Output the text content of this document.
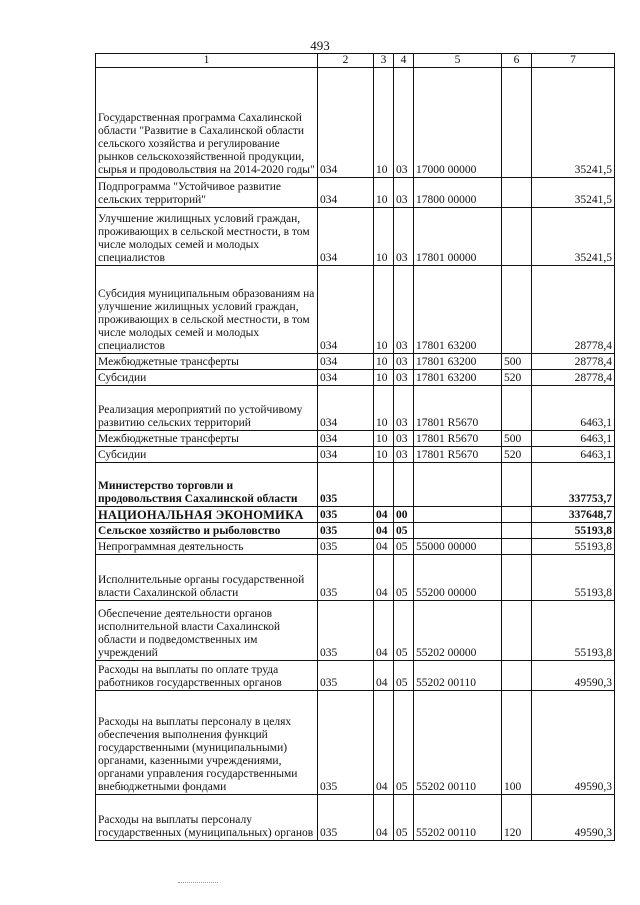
493
1	2	3	4	5	6	7
Государственная программа Сахалинской области "Развитие в Сахалинской области сельского хозяйства и регулирование рынков сельскохозяйственной продукции, сырья и продовольствия на 2014-2020 годы"	034	10	03	17000 00000		35241,5
Подпрограмма "Устойчивое развитие сельских территорий"	034	10	03	17800 00000		35241,5
Улучшение жилищных условий граждан, проживающих в сельской местности, в том числе молодых семей и молодых специалистов	034	10	03	17801 00000		35241,5
Субсидия муниципальным образованиям на улучшение жилищных условий граждан, проживающих в сельской местности, в том числе молодых семей и молодых специалистов	034	10	03	17801 63200		28778,4
Межбюджетные трансферты	034	10	03	17801 63200	500	28778,4
Субсидии	034	10	03	17801 63200	520	28778,4
Реализация мероприятий по устойчивому развитию сельских территорий	034	10	03	17801 R5670		6463,1
Межбюджетные трансферты	034	10	03	17801 R5670	500	6463,1
Субсидии	034	10	03	17801 R5670	520	6463,1
Министерство торговли и продовольствия Сахалинской области	035					337753,7
НАЦИОНАЛЬНАЯ ЭКОНОМИКА	035	04	00			337648,7
Сельское хозяйство и рыболовство	035	04	05			55193,8
Непрограммная деятельность	035	04	05	55000 00000		55193,8
Исполнительные органы государственной власти Сахалинской области	035	04	05	55200 00000		55193,8
Обеспечение деятельности органов исполнительной власти Сахалинской области и подведомственных им учреждений	035	04	05	55202 00000		55193,8
Расходы на выплаты по оплате труда работников государственных органов	035	04	05	55202 00110		49590,3
Расходы на выплаты персоналу в целях обеспечения выполнения функций государственными (муниципальными) органами, казенными учреждениями, органами управления государственными внебюджетными фондами	035	04	05	55202 00110	100	49590,3
Расходы на выплаты персоналу государственных (муниципальных) органов	035	04	05	55202 00110	120	49590,3
